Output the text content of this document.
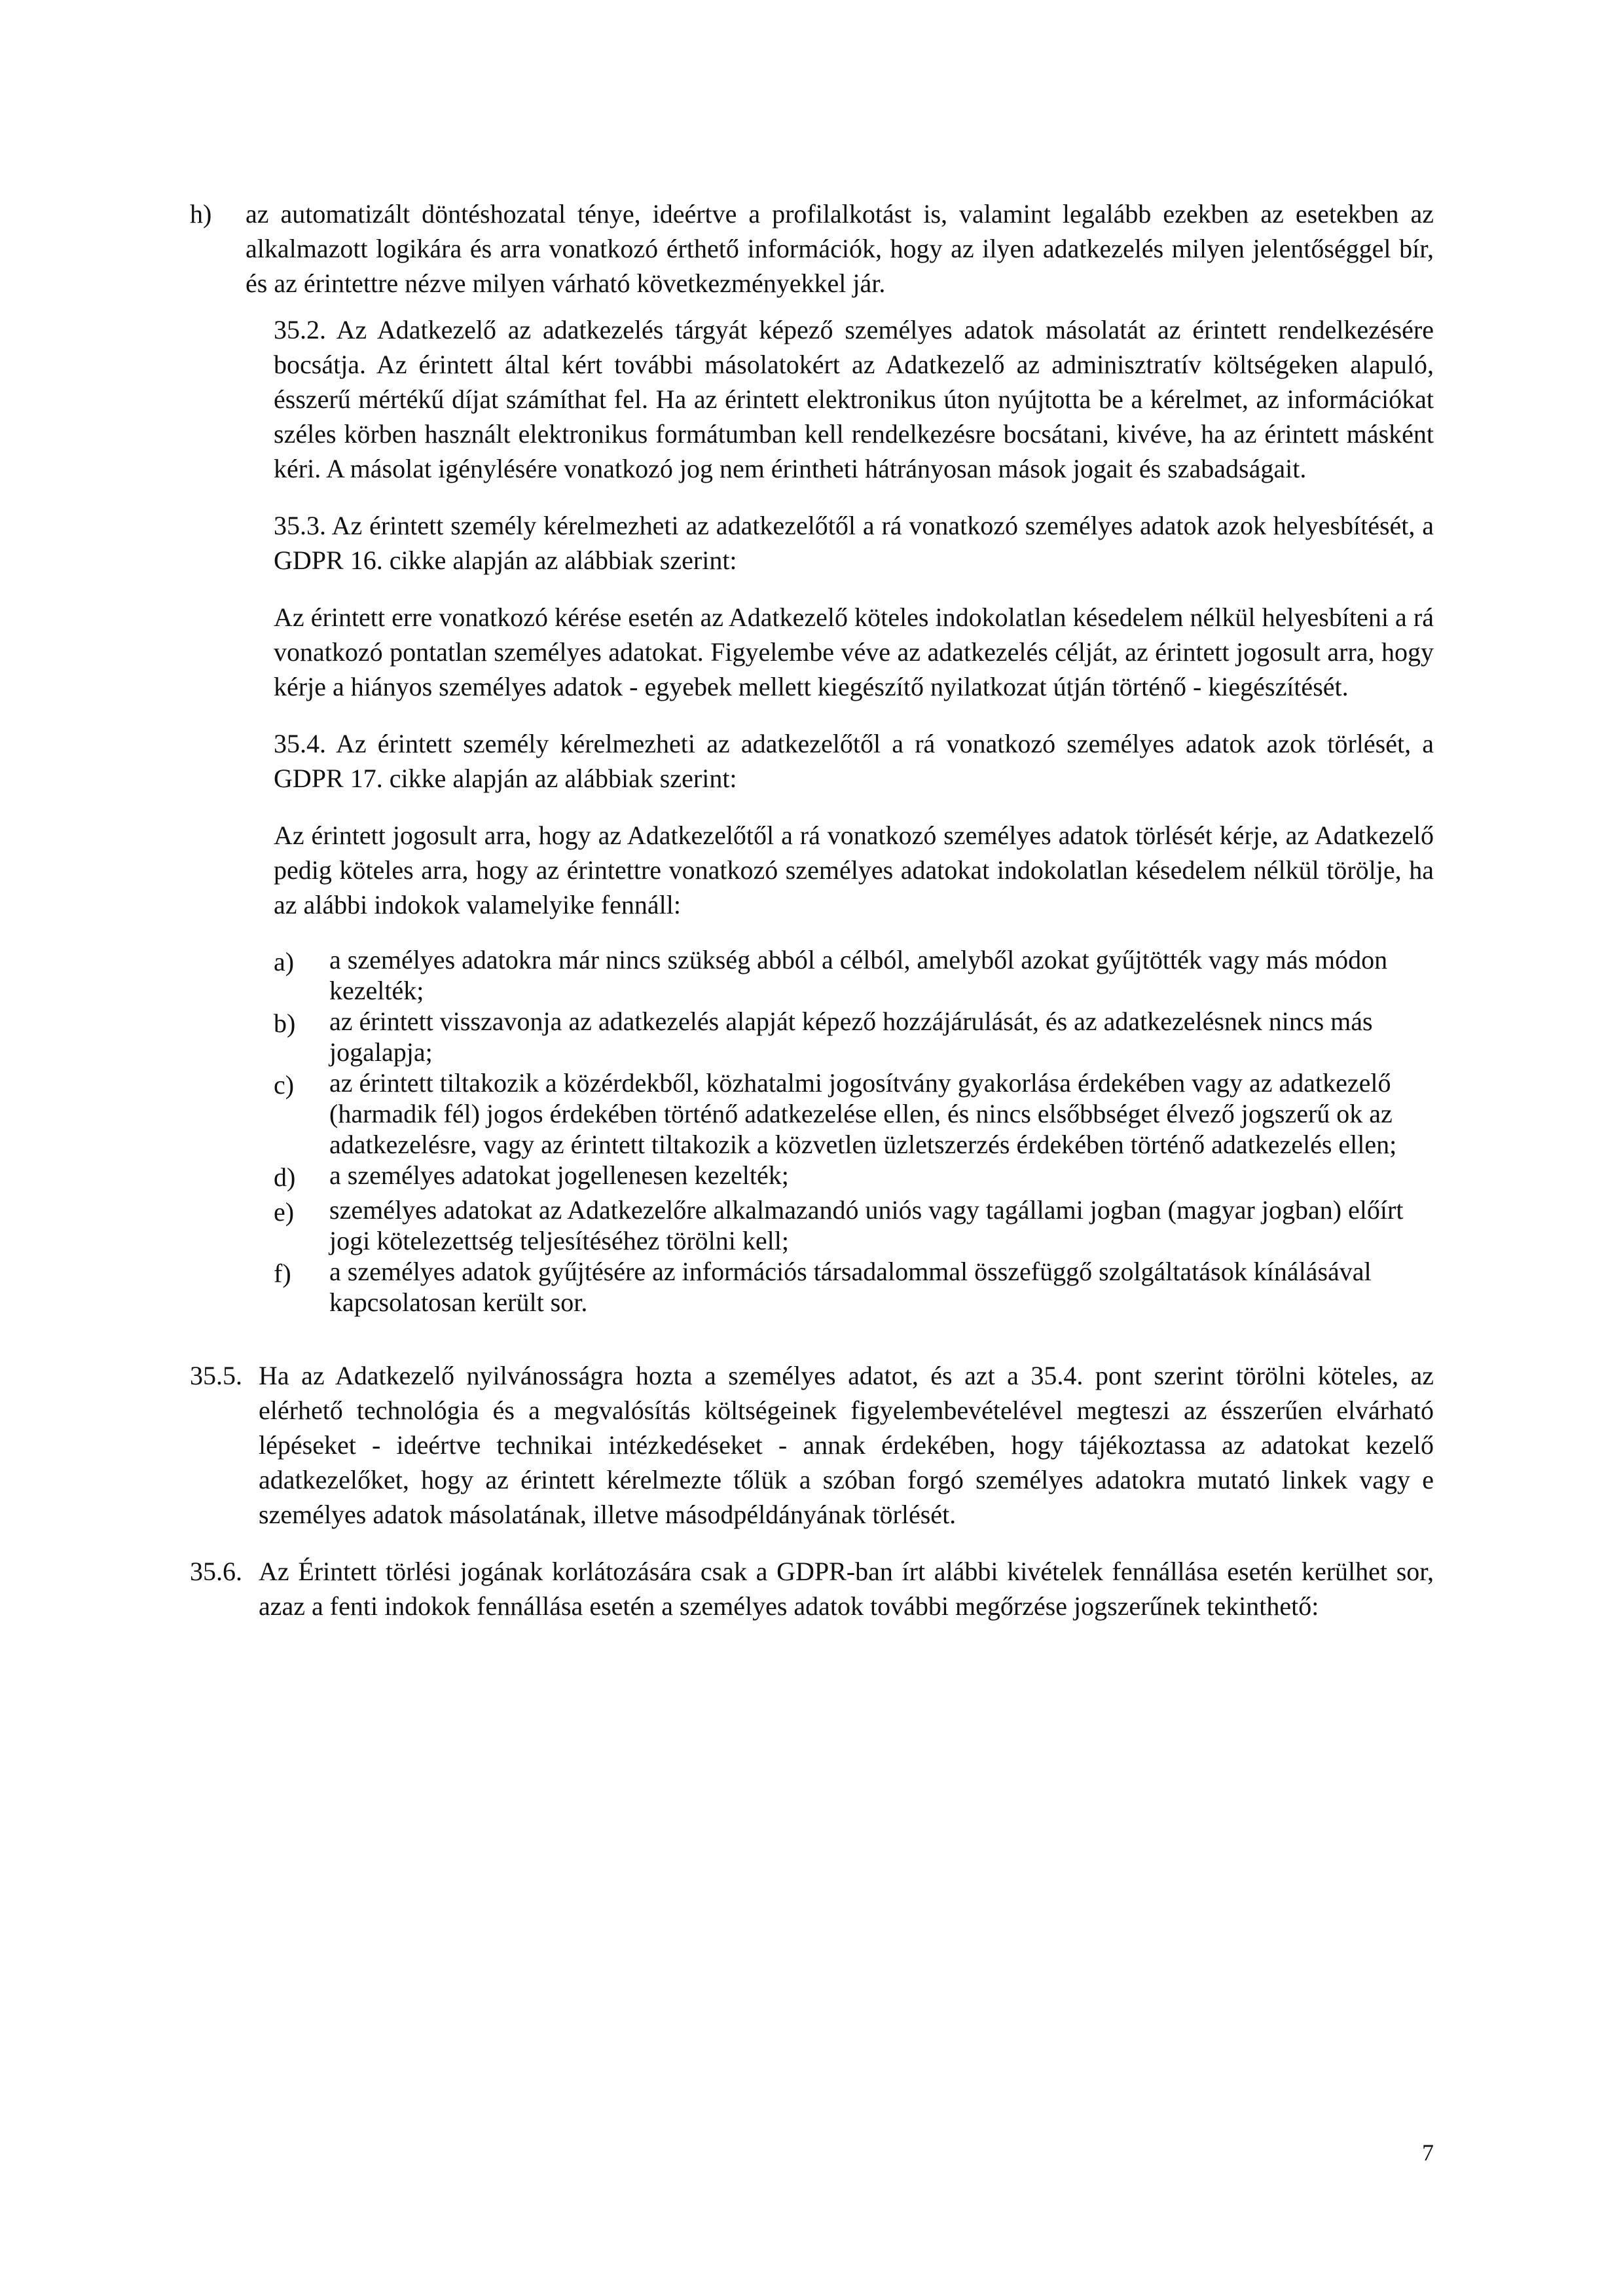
h)	az automatizált döntéshozatal ténye, ideértve a profilalkotást is, valamint legalább ezekben az esetekben az alkalmazott logikára és arra vonatkozó érthető információk, hogy az ilyen adatkezelés milyen jelentőséggel bír, és az érintettre nézve milyen várható következményekkel jár.

35.2. Az Adatkezelő az adatkezelés tárgyát képező személyes adatok másolatát az érintett rendelkezésére bocsátja. Az érintett által kért további másolatokért az Adatkezelő az adminisztratív költségeken alapuló, ésszerű mértékű díjat számíthat fel. Ha az érintett elektronikus úton nyújtotta be a kérelmet, az információkat széles körben használt elektronikus formátumban kell rendelkezésre bocsátani, kivéve, ha az érintett másként kéri. A másolat igénylésére vonatkozó jog nem érintheti hátrányosan mások jogait és szabadságait.

35.3. Az érintett személy kérelmezheti az adatkezelőtől a rá vonatkozó személyes adatok azok helyesbítését, a GDPR 16. cikke alapján az alábbiak szerint:

Az érintett erre vonatkozó kérése esetén az Adatkezelő köteles indokolatlan késedelem nélkül helyesbíteni a rá vonatkozó pontatlan személyes adatokat. Figyelembe véve az adatkezelés célját, az érintett jogosult arra, hogy kérje a hiányos személyes adatok - egyebek mellett kiegészítő nyilatkozat útján történő - kiegészítését.

35.4. Az érintett személy kérelmezheti az adatkezelőtől a rá vonatkozó személyes adatok azok törlését, a GDPR 17. cikke alapján az alábbiak szerint:

Az érintett jogosult arra, hogy az Adatkezelőtől a rá vonatkozó személyes adatok törlését kérje, az Adatkezelő pedig köteles arra, hogy az érintettre vonatkozó személyes adatokat indokolatlan késedelem nélkül törölje, ha az alábbi indokok valamelyike fennáll:

a)	a személyes adatokra már nincs szükség abból a célból, amelyből azokat gyűjtötték vagy más módon kezelték;
b)	az érintett visszavonja az adatkezelés alapját képező hozzájárulását, és az adatkezelésnek nincs más jogalapja;
c)	az érintett tiltakozik a közérdekből, közhatalmi jogosítvány gyakorlása érdekében vagy az adatkezelő (harmadik fél) jogos érdekében történő adatkezelése ellen, és nincs elsőbbséget élvező jogszerű ok az adatkezelésre, vagy az érintett tiltakozik a közvetlen üzletszerzés érdekében történő adatkezelés ellen;
d)	a személyes adatokat jogellenesen kezelték;
e)	személyes adatokat az Adatkezelőre alkalmazandó uniós vagy tagállami jogban (magyar jogban) előírt jogi kötelezettség teljesítéséhez törölni kell;
f)	a személyes adatok gyűjtésére az információs társadalommal összefüggő szolgáltatások kínálásával kapcsolatosan került sor.
35.5. Ha az Adatkezelő nyilvánosságra hozta a személyes adatot, és azt a 35.4. pont szerint törölni köteles, az elérhető technológia és a megvalósítás költségeinek figyelembevételével megteszi az ésszerűen elvárható lépéseket - ideértve technikai intézkedéseket - annak érdekében, hogy tájékoztassa az adatokat kezelő adatkezelőket, hogy az érintett kérelmezte tőlük a szóban forgó személyes adatokra mutató linkek vagy e személyes adatok másolatának, illetve másodpéldányának törlését.
35.6. Az Érintett törlési jogának korlátozására csak a GDPR-ban írt alábbi kivételek fennállása esetén kerülhet sor, azaz a fenti indokok fennállása esetén a személyes adatok további megőrzése jogszerűnek tekinthető:
7
